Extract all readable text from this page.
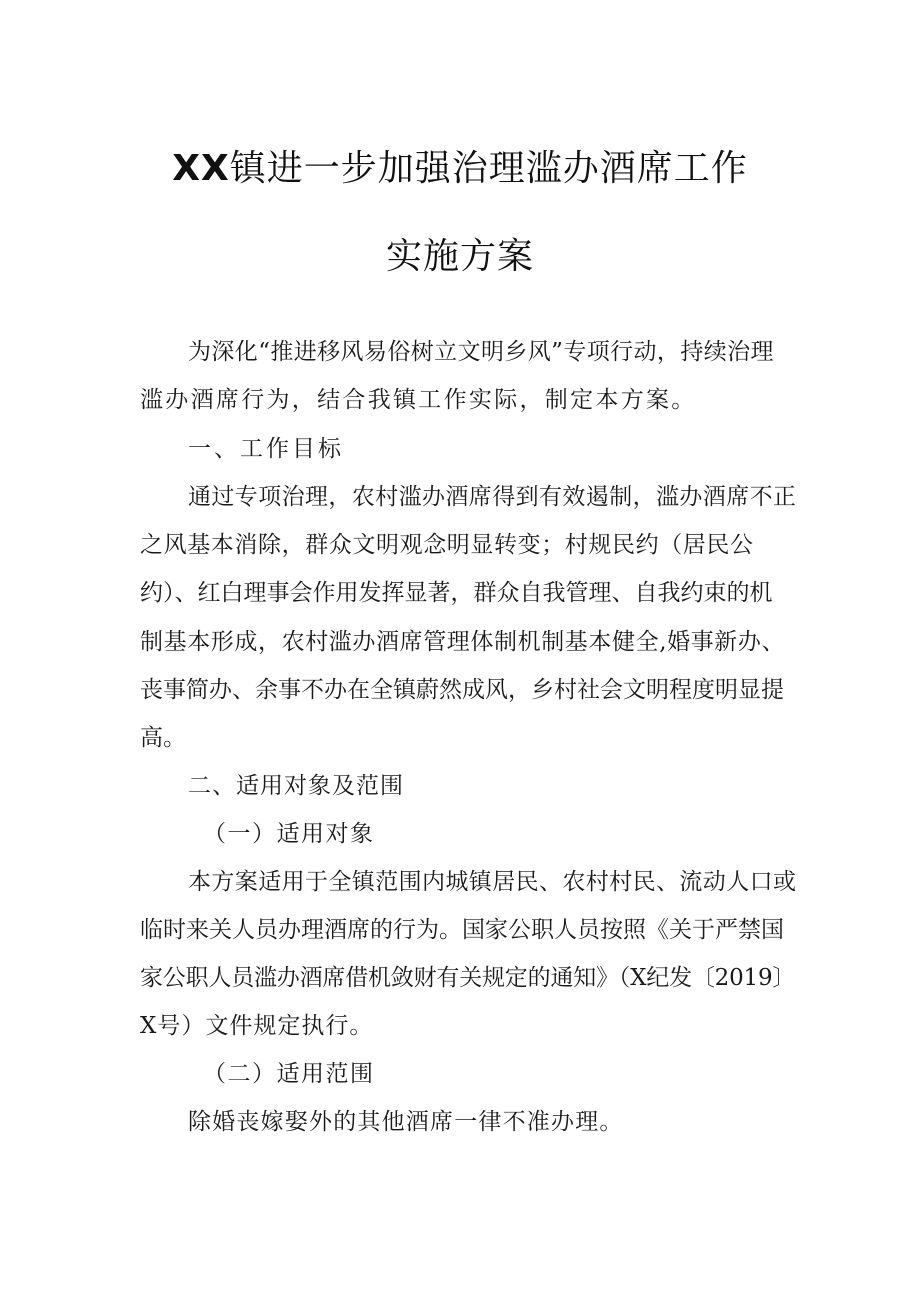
XX镇进一步加强治理滥办酒席工作
实施方案
为深化“推进移风易俗树立文明乡风”专项行动，持续治理
滥办酒席行为，结合我镇工作实际，制定本方案。
一、工作目标
通过专项治理，农村滥办酒席得到有效遏制，滥办酒席不正
之风基本消除，群众文明观念明显转变；村规民约（居民公
约）、红白理事会作用发挥显著，群众自我管理、自我约束的机
制基本形成，农村滥办酒席管理体制机制基本健全,婚事新办、
丧事简办、余事不办在全镇蔚然成风，乡村社会文明程度明显提
高。
二、适用对象及范围
（一）适用对象
本方案适用于全镇范围内城镇居民、农村村民、流动人口或
临时来关人员办理酒席的行为。国家公职人员按照《关于严禁国
家公职人员滥办酒席借机敛财有关规定的通知》（X纪发〔2019〕
X号）文件规定执行。
（二）适用范围
除婚丧嫁娶外的其他酒席一律不准办理。
